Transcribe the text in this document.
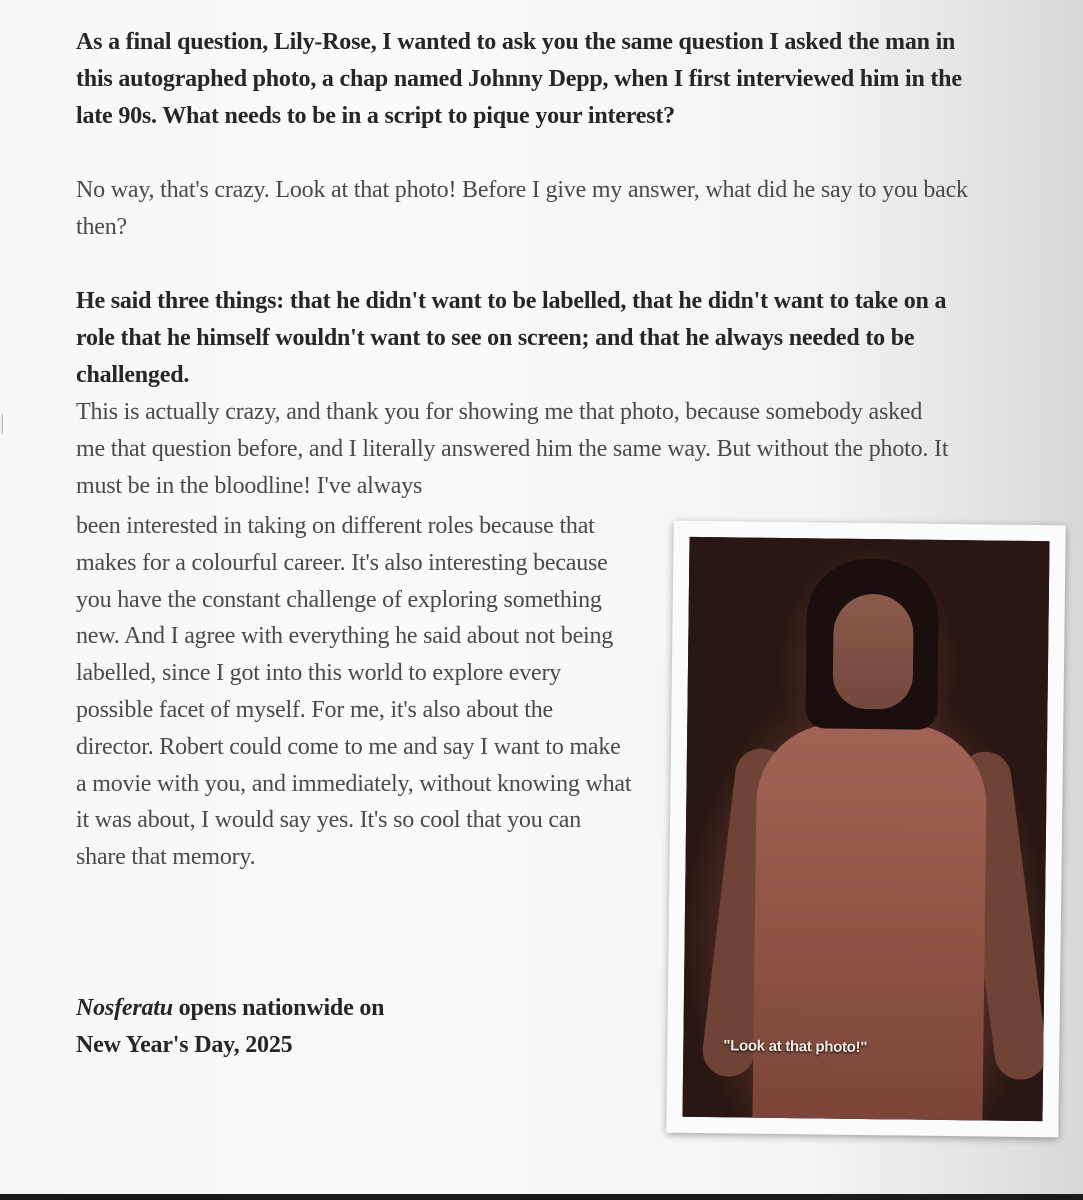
|

As a final question, Lily-Rose, I wanted to ask you the same question I asked the man in this autographed photo, a chap named Johnny Depp, when I first interviewed him in the late 90s. What needs to be in a script to pique your interest?

No way, that's crazy. Look at that photo! Before I give my answer, what did he say to you back then?

He said three things: that he didn't want to be labelled, that he didn't want to take on a role that he himself wouldn't want to see on screen; and that he always needed to be challenged.

This is actually crazy, and thank you for showing me that photo, because somebody asked me that question before, and I literally answered him the same way. But without the photo. It must be in the bloodline! I've always

been interested in taking on different roles because that makes for a colourful career. It's also interesting because you have the constant challenge of exploring something new. And I agree with everything he said about not being labelled, since I got into this world to explore every possible facet of myself. For me, it's also about the director. Robert could come to me and say I want to make a movie with you, and immediately, without knowing what it was about, I would say yes. It's so cool that you can share that memory.

Nosferatu opens nationwide on
New Year's Day, 2025	"Look at that photo!"
